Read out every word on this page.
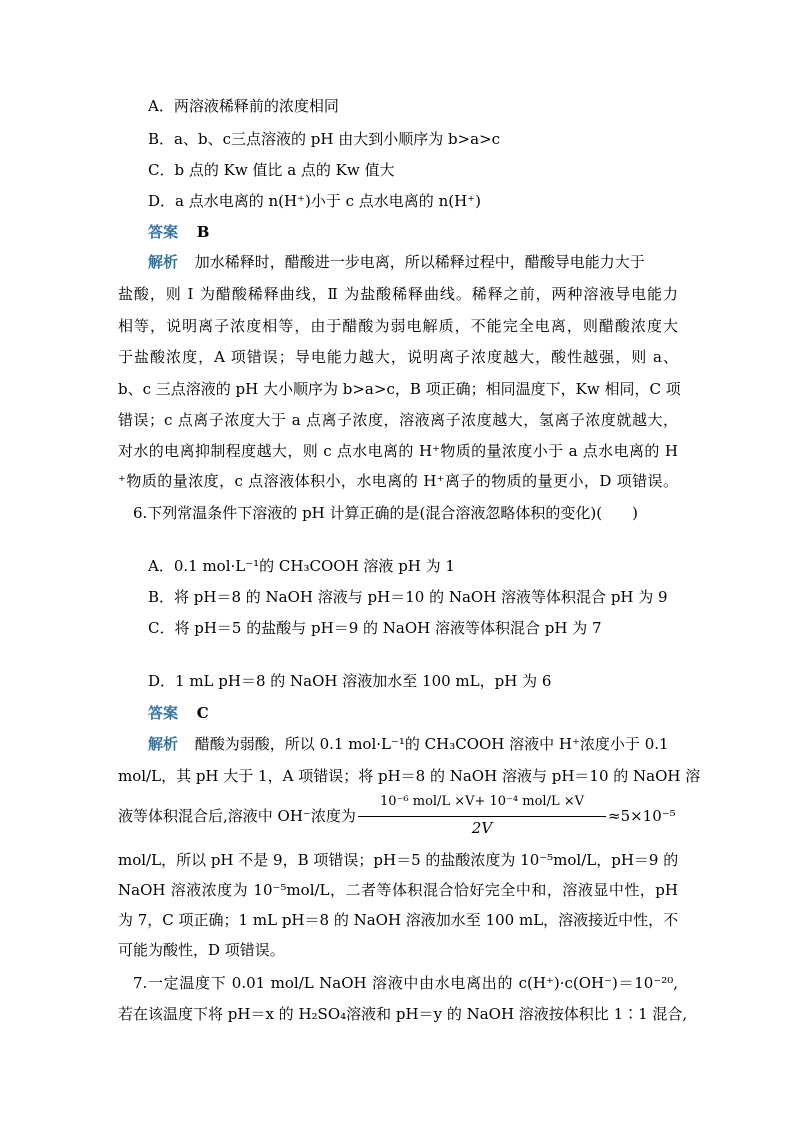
A．两溶液稀释前的浓度相同
B．a、b、c三点溶液的 pH 由大到小顺序为 b>a>c
C．b 点的 Kw 值比 a 点的 Kw 值大
D．a 点水电离的 n(H⁺)小于 c 点水电离的 n(H⁺)
答案 B
解析 加水稀释时，醋酸进一步电离，所以稀释过程中，醋酸导电能力大于
盐酸，则 Ⅰ 为醋酸稀释曲线，Ⅱ 为盐酸稀释曲线。稀释之前，两种溶液导电能力
相等，说明离子浓度相等，由于醋酸为弱电解质，不能完全电离，则醋酸浓度大
于盐酸浓度，A 项错误；导电能力越大，说明离子浓度越大，酸性越强，则 a、
b、c 三点溶液的 pH 大小顺序为 b>a>c，B 项正确；相同温度下，Kw 相同，C 项
错误；c 点离子浓度大于 a 点离子浓度，溶液离子浓度越大，氢离子浓度就越大，
对水的电离抑制程度越大，则 c 点水电离的 H⁺物质的量浓度小于 a 点水电离的 H
⁺物质的量浓度，c 点溶液体积小，水电离的 H⁺离子的物质的量更小，D 项错误。
6.下列常温条件下溶液的 pH 计算正确的是(混合溶液忽略体积的变化)(　　)
A．0.1 mol·L⁻¹的 CH₃COOH 溶液 pH 为 1
B．将 pH＝8 的 NaOH 溶液与 pH＝10 的 NaOH 溶液等体积混合 pH 为 9
C．将 pH＝5 的盐酸与 pH＝9 的 NaOH 溶液等体积混合 pH 为 7
D．1 mL pH＝8 的 NaOH 溶液加水至 100 mL，pH 为 6
答案 C
解析 醋酸为弱酸，所以 0.1 mol·L⁻¹的 CH₃COOH 溶液中 H⁺浓度小于 0.1
mol/L，其 pH 大于 1，A 项错误；将 pH＝8 的 NaOH 溶液与 pH＝10 的 NaOH 溶
液等体积混合后,溶液中 OH⁻浓度为
10⁻⁶ mol/L ×V+ 10⁻⁴ mol/L ×V
2V
≈5×10⁻⁵
mol/L，所以 pH 不是 9，B 项错误；pH＝5 的盐酸浓度为 10⁻⁵mol/L，pH＝9 的
NaOH 溶液浓度为 10⁻⁵mol/L，二者等体积混合恰好完全中和，溶液显中性，pH
为 7，C 项正确；1 mL pH＝8 的 NaOH 溶液加水至 100 mL，溶液接近中性，不
可能为酸性，D 项错误。
7.一定温度下 0.01 mol/L NaOH 溶液中由水电离出的 c(H⁺)·c(OH⁻)＝10⁻²⁰,
若在该温度下将 pH＝x 的 H₂SO₄溶液和 pH＝y 的 NaOH 溶液按体积比 1∶1 混合,
